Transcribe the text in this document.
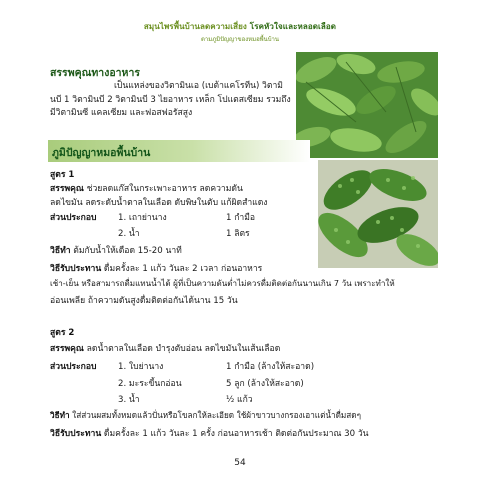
สมุนไพรพื้นบ้านลดความเสี่ยง โรคหัวใจและหลอดเลือด
ตามภูมิปัญญาของหมอพื้นบ้าน
สรรพคุณทางอาหาร
เป็นแหล่งของวิตามินเอ (เบต้าแคโรทีน) วิตามินบี 1 วิตามินบี 2 วิตามินบี 3 ไยอาหาร เหล็ก โปแตสเซียม รวมถึงมีวิตามินซี แคลเซียม และฟอสฟอรัสสูง
ภูมิปัญญาหมอพื้นบ้าน
สูตร 1
สรรพคุณ ช่วยลดแก๊สในกระเพาะอาหาร ลดความดัน
ลดไขมัน ลดระดับน้ำตาลในเลือด ดับพิษในตับ แก้ผิดสำแดง
ส่วนประกอบ	1. เถาย่านาง	1 กำมือ
2. น้ำ	1 ลิตร
วิธีทำ ต้มกับน้ำให้เดือด 15-20 นาที
วิธีรับประทาน ดื่มครั้งละ 1 แก้ว วันละ 2 เวลา ก่อนอาหาร
เช้า-เย็น หรือสามารถดื่มแทนน้ำได้ ผู้ที่เป็นความดันต่ำไม่ควรดื่มติดต่อกันนานเกิน 7 วัน เพราะทำให้
อ่อนเพลีย ถ้าความดันสูงดื่มติดต่อกันได้นาน 15 วัน
สูตร 2
สรรพคุณ ลดน้ำตาลในเลือด บำรุงตับอ่อน ลดไขมันในเส้นเลือด
ส่วนประกอบ	1. ใบย่านาง	1 กำมือ (ล้างให้สะอาด)
2. มะระขี้นกอ่อน	5 ลูก (ล้างให้สะอาด)
3. น้ำ	½ แก้ว
วิธีทำ ใส่ส่วนผสมทั้งหมดแล้วปั่นหรือโขลกให้ละเอียด ใช้ผ้าขาวบางกรองเอาแต่น้ำดื่มสดๆ
วิธีรับประทาน ดื่มครั้งละ 1 แก้ว วันละ 1 ครั้ง ก่อนอาหารเช้า ติดต่อกันประมาณ 30 วัน
54
